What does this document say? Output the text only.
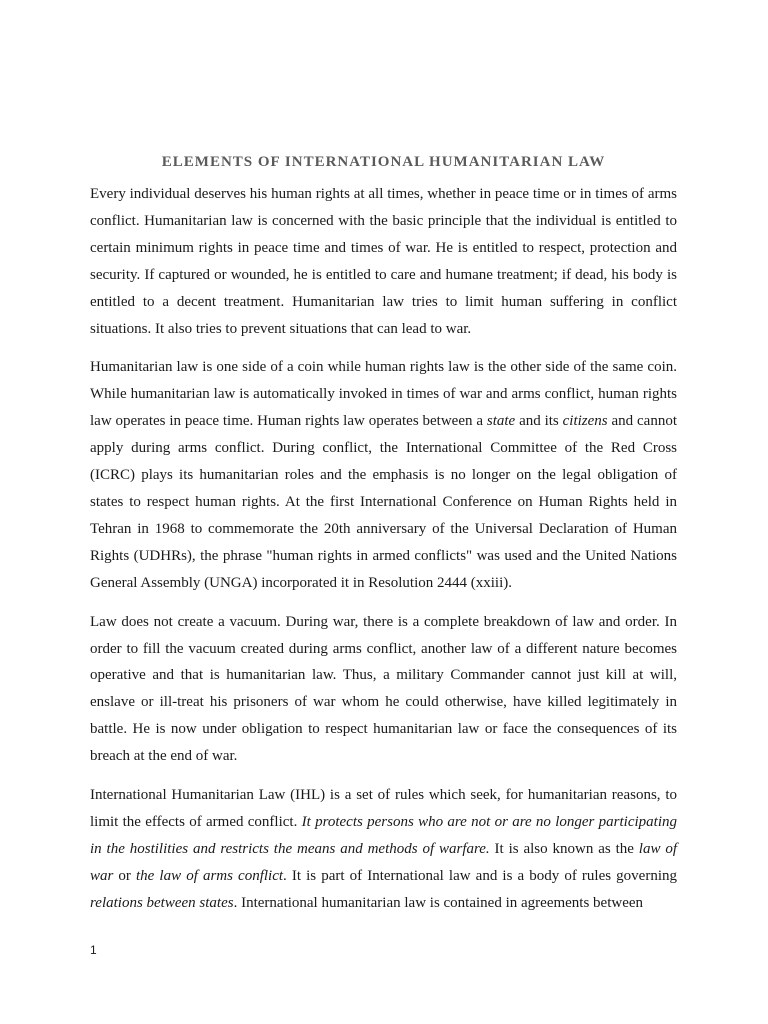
ELEMENTS OF INTERNATIONAL HUMANITARIAN LAW

Every individual deserves his human rights at all times, whether in peace time or in times of arms conflict. Humanitarian law is concerned with the basic principle that the individual is entitled to certain minimum rights in peace time and times of war. He is entitled to respect, protection and security. If captured or wounded, he is entitled to care and humane treatment; if dead, his body is entitled to a decent treatment. Humanitarian law tries to limit human suffering in conflict situations. It also tries to prevent situations that can lead to war.

Humanitarian law is one side of a coin while human rights law is the other side of the same coin. While humanitarian law is automatically invoked in times of war and arms conflict, human rights law operates in peace time. Human rights law operates between a state and its citizens and cannot apply during arms conflict. During conflict, the International Committee of the Red Cross (ICRC) plays its humanitarian roles and the emphasis is no longer on the legal obligation of states to respect human rights. At the first International Conference on Human Rights held in Tehran in 1968 to commemorate the 20th anniversary of the Universal Declaration of Human Rights (UDHRs), the phrase "human rights in armed conflicts" was used and the United Nations General Assembly (UNGA) incorporated it in Resolution 2444 (xxiii).

Law does not create a vacuum. During war, there is a complete breakdown of law and order. In order to fill the vacuum created during arms conflict, another law of a different nature becomes operative and that is humanitarian law. Thus, a military Commander cannot just kill at will, enslave or ill-treat his prisoners of war whom he could otherwise, have killed legitimately in battle. He is now under obligation to respect humanitarian law or face the consequences of its breach at the end of war.

International Humanitarian Law (IHL) is a set of rules which seek, for humanitarian reasons, to limit the effects of armed conflict. It protects persons who are not or are no longer participating in the hostilities and restricts the means and methods of warfare. It is also known as the law of war or the law of arms conflict. It is part of International law and is a body of rules governing relations between states. International humanitarian law is contained in agreements between

1
